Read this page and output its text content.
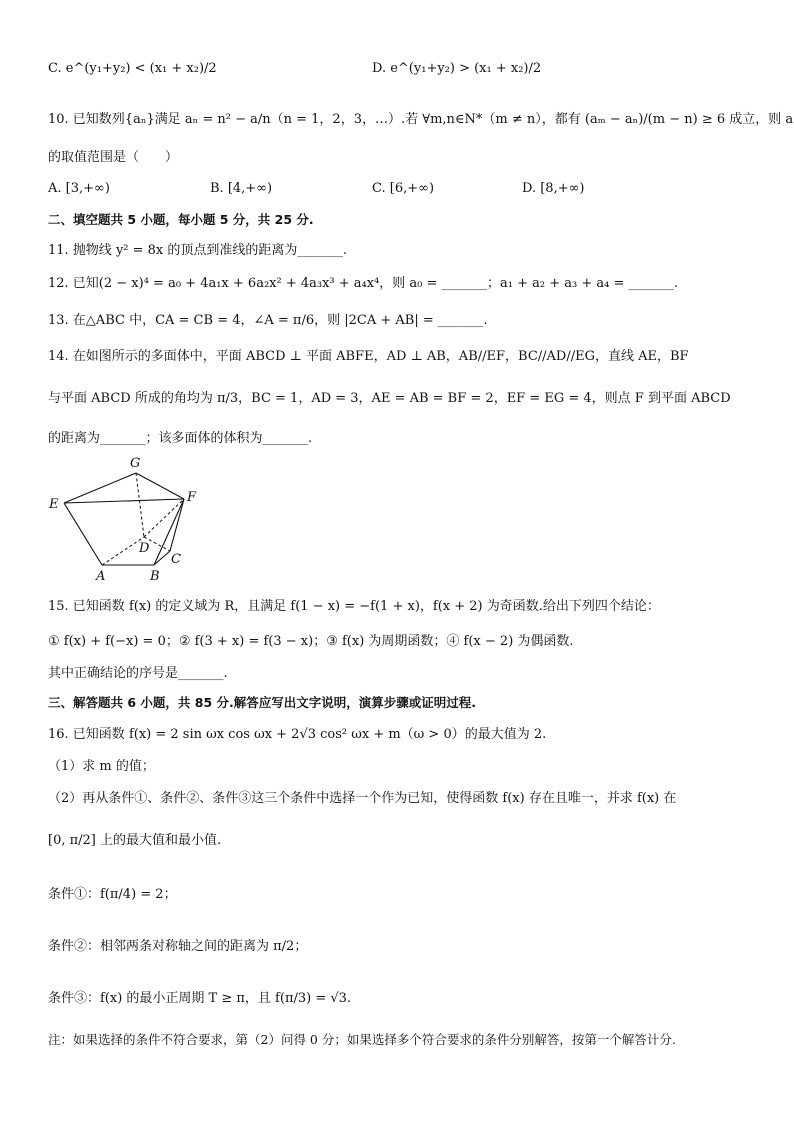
C. e^(y₁+y₂) < (x₁ + x₂)/2	D. e^(y₁+y₂) > (x₁ + x₂)/2
10. 已知数列{aₙ}满足 aₙ = n² − a/n（n = 1，2，3，…）.若 ∀m,n∈N*（m ≠ n），都有 (aₘ − aₙ)/(m − n) ≥ 6 成立，则 a
的取值范围是（　　）
A. [3,+∞)	B. [4,+∞)	C. [6,+∞)	D. [8,+∞)
二、填空题共 5 小题，每小题 5 分，共 25 分.
11. 抛物线 y² = 8x 的顶点到准线的距离为_______.
12. 已知(2 − x)⁴ = a₀ + 4a₁x + 6a₂x² + 4a₃x³ + a₄x⁴，则 a₀ = _______；a₁ + a₂ + a₃ + a₄ = _______.
13. 在△ABC 中，CA = CB = 4，∠A = π/6，则 |2CA + AB| = _______.
14. 在如图所示的多面体中，平面 ABCD ⊥ 平面 ABFE，AD ⊥ AB，AB//EF，BC//AD//EG，直线 AE，BF
与平面 ABCD 所成的角均为 π/3，BC = 1，AD = 3，AE = AB = BF = 2，EF = EG = 4，则点 F 到平面 ABCD
的距离为_______；该多面体的体积为_______.
G
E	F
D
C
A	B
15. 已知函数 f(x) 的定义域为 R，且满足 f(1 − x) = −f(1 + x)，f(x + 2) 为奇函数.给出下列四个结论：
① f(x) + f(−x) = 0；② f(3 + x) = f(3 − x)；③ f(x) 为周期函数；④ f(x − 2) 为偶函数.
其中正确结论的序号是_______.
三、解答题共 6 小题，共 85 分.解答应写出文字说明，演算步骤或证明过程.
16. 已知函数 f(x) = 2 sin ωx cos ωx + 2√3 cos² ωx + m（ω > 0）的最大值为 2.
（1）求 m 的值；
（2）再从条件①、条件②、条件③这三个条件中选择一个作为已知，使得函数 f(x) 存在且唯一，并求 f(x) 在
[0, π/2] 上的最大值和最小值.
条件①：f(π/4) = 2；
条件②：相邻两条对称轴之间的距离为 π/2；
条件③：f(x) 的最小正周期 T ≥ π，且 f(π/3) = √3.
注：如果选择的条件不符合要求，第（2）问得 0 分；如果选择多个符合要求的条件分别解答，按第一个解答计分.
